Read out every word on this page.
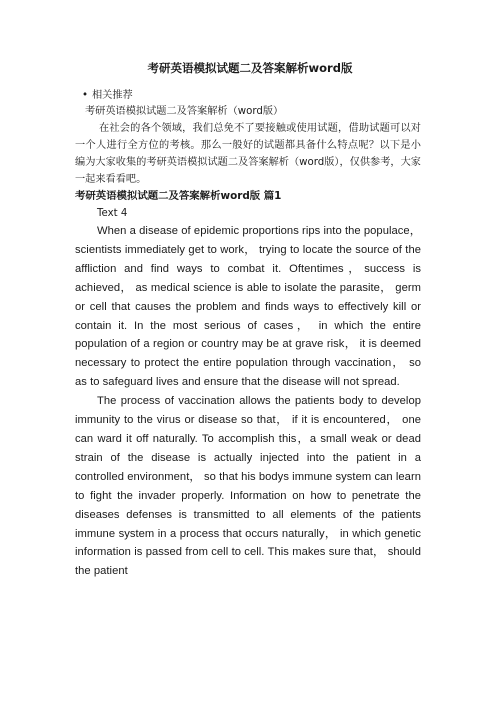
考研英语模拟试题二及答案解析word版

• 相关推荐

考研英语模拟试题二及答案解析（word版）

在社会的各个领域，我们总免不了要接触或使用试题，借助试题可以对一个人进行全方位的考核。那么一般好的试题都具备什么特点呢？以下是小编为大家收集的考研英语模拟试题二及答案解析（word版），仅供参考，大家一起来看看吧。

考研英语模拟试题二及答案解析word版 篇1

Text 4

When a disease of epidemic proportions rips into the populace， scientists immediately get to work， trying to locate the source of the affliction and find ways to combat it. Oftentimes，success is achieved， as medical science is able to isolate the parasite， germ or cell that causes the problem and finds ways to effectively kill or contain it. In the most serious of cases， in which the entire population of a region or country may be at grave risk， it is deemed necessary to protect the entire population through vaccination， so as to safeguard lives and ensure that the disease will not spread.

The process of vaccination allows the patients body to develop immunity to the virus or disease so that， if it is encountered， one can ward it off naturally. To accomplish this，a small weak or dead strain of the disease is actually injected into the patient in a controlled environment， so that his bodys immune system can learn to fight the invader properly. Information on how to penetrate the diseases defenses is transmitted to all elements of the patients immune system in a process that occurs naturally， in which genetic information is passed from cell to cell. This makes sure that， should the patient
